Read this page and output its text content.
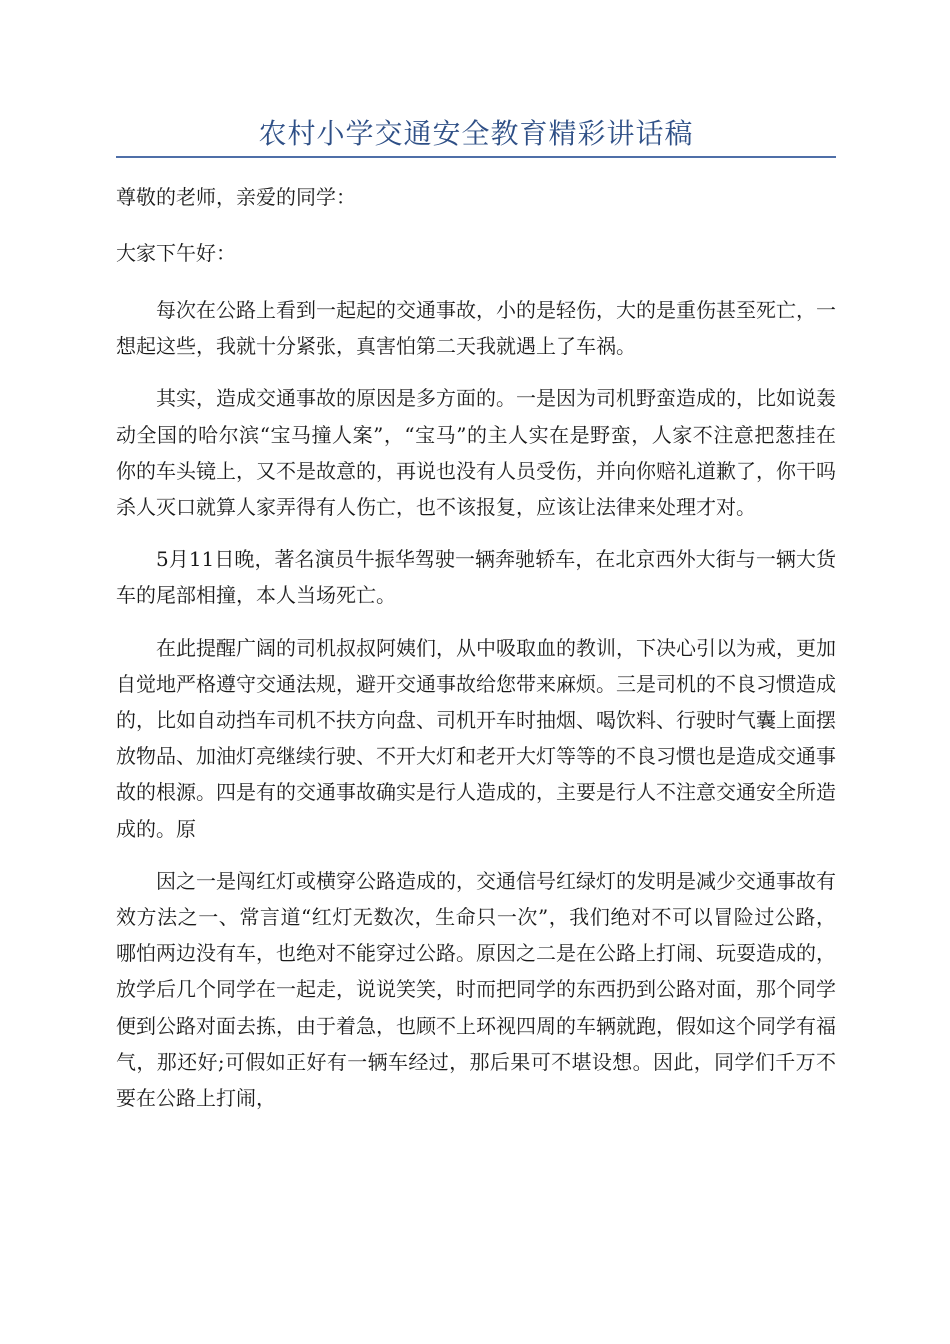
农村小学交通安全教育精彩讲话稿
尊敬的老师，亲爱的同学：
大家下午好：

每次在公路上看到一起起的交通事故，小的是轻伤，大的是重伤甚至死亡，一想起这些，我就十分紧张，真害怕第二天我就遇上了车祸。

其实，造成交通事故的原因是多方面的。一是因为司机野蛮造成的，比如说轰动全国的哈尔滨“宝马撞人案”，“宝马”的主人实在是野蛮，人家不注意把葱挂在你的车头镜上，又不是故意的，再说也没有人员受伤，并向你赔礼道歉了，你干吗杀人灭口就算人家弄得有人伤亡，也不该报复，应该让法律来处理才对。

5月11日晚，著名演员牛振华驾驶一辆奔驰轿车，在北京西外大街与一辆大货车的尾部相撞，本人当场死亡。

在此提醒广阔的司机叔叔阿姨们，从中吸取血的教训，下决心引以为戒，更加自觉地严格遵守交通法规，避开交通事故给您带来麻烦。三是司机的不良习惯造成的，比如自动挡车司机不扶方向盘、司机开车时抽烟、喝饮料、行驶时气囊上面摆放物品、加油灯亮继续行驶、不开大灯和老开大灯等等的不良习惯也是造成交通事故的根源。四是有的交通事故确实是行人造成的，主要是行人不注意交通安全所造成的。原

因之一是闯红灯或横穿公路造成的，交通信号红绿灯的发明是减少交通事故有效方法之一、常言道“红灯无数次，生命只一次”，我们绝对不可以冒险过公路，哪怕两边没有车，也绝对不能穿过公路。原因之二是在公路上打闹、玩耍造成的，放学后几个同学在一起走，说说笑笑，时而把同学的东西扔到公路对面，那个同学便到公路对面去拣，由于着急，也顾不上环视四周的车辆就跑，假如这个同学有福气，那还好;可假如正好有一辆车经过，那后果可不堪设想。因此，同学们千万不要在公路上打闹，
